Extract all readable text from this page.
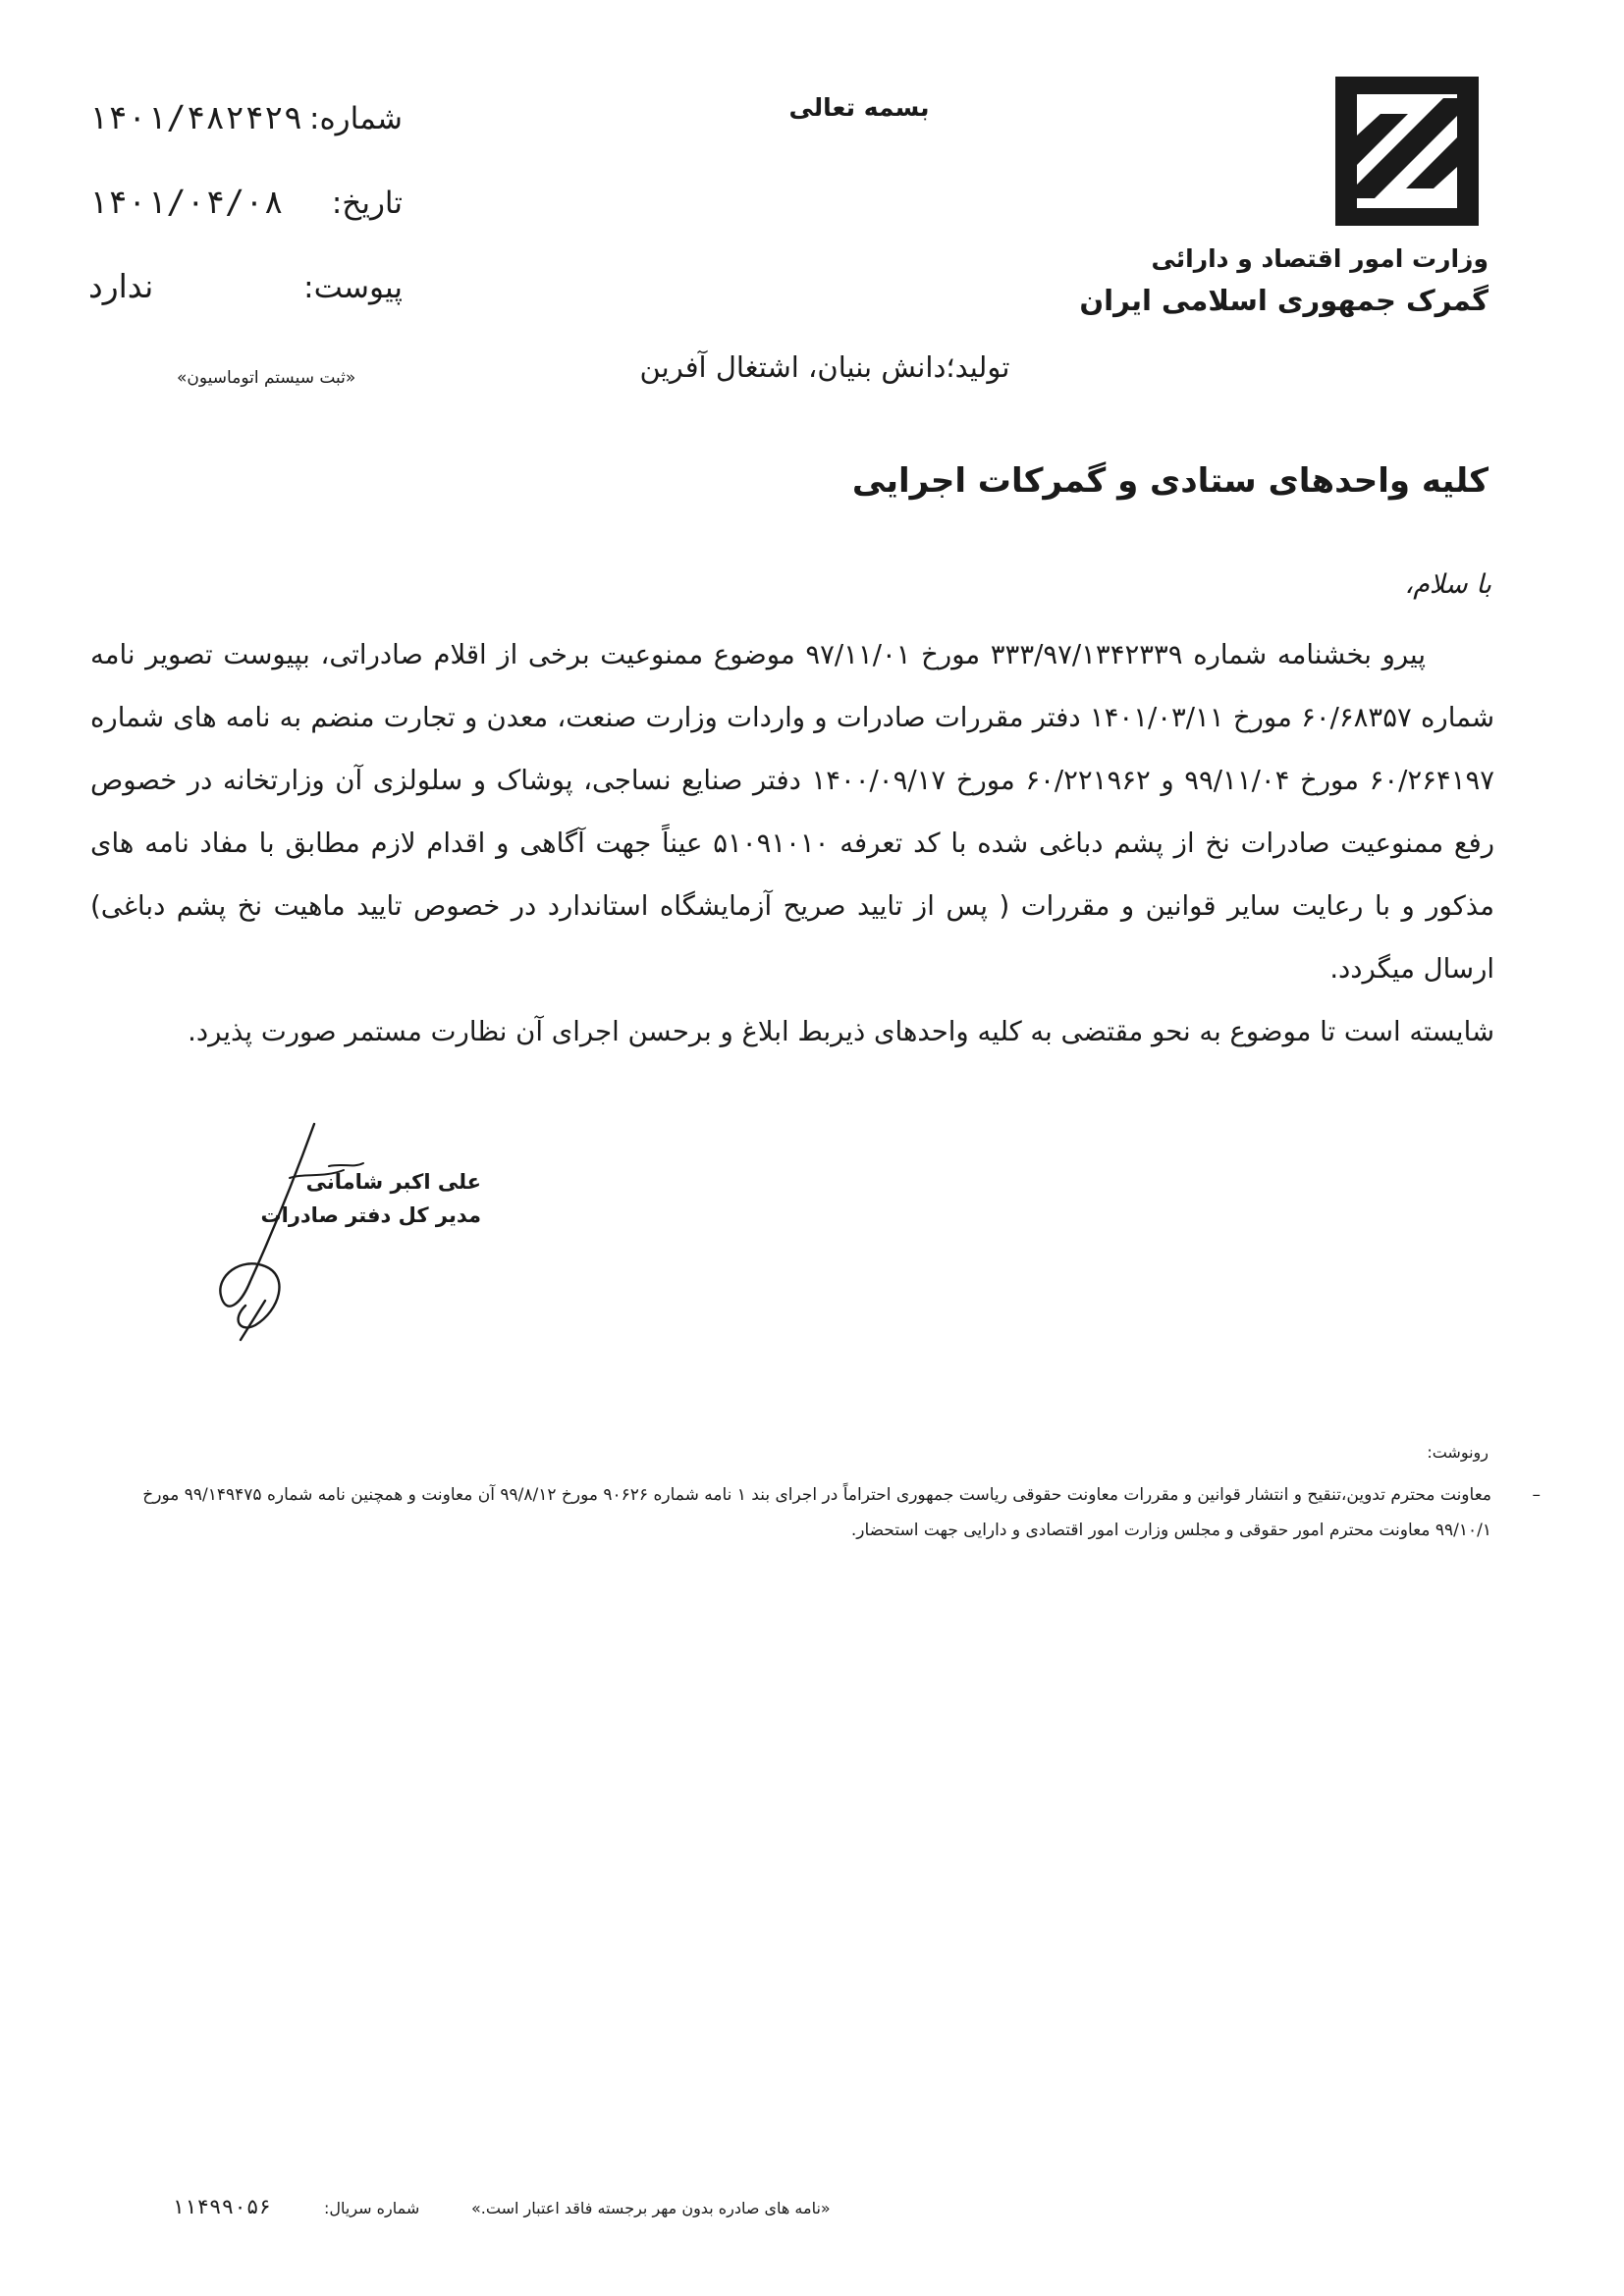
وزارت امور اقتصاد و دارائی
گمرک جمهوری اسلامی ایران
بسمه تعالی
تولید؛دانش بنیان، اشتغال آفرین
شماره:
۱۴۰۱/۴۸۲۴۲۹
تاریخ:
۱۴۰۱/۰۴/۰۸
پیوست:
ندارد
«ثبت سیستم اتوماسیون»
کلیه واحدهای ستادی و گمرکات اجرایی
با سلام،

پیرو بخشنامه شماره ۳۳۳/۹۷/۱۳۴۲۳۳۹ مورخ ۹۷/۱۱/۰۱ موضوع ممنوعیت برخی از اقلام صادراتی، بپیوست تصویر نامه شماره ۶۰/۶۸۳۵۷ مورخ ۱۴۰۱/۰۳/۱۱ دفتر مقررات صادرات و واردات وزارت صنعت، معدن و تجارت منضم به نامه های شماره ۶۰/۲۶۴۱۹۷ مورخ ۹۹/۱۱/۰۴ و ۶۰/۲۲۱۹۶۲ مورخ ۱۴۰۰/۰۹/۱۷ دفتر صنایع نساجی، پوشاک و سلولزی آن وزارتخانه در خصوص رفع ممنوعیت صادرات نخ از پشم دباغی شده با کد تعرفه ۵۱۰۹۱۰۱۰ عیناً جهت آگاهی و اقدام لازم مطابق با مفاد نامه های مذکور و با رعایت سایر قوانین و مقررات ( پس از تایید صریح آزمایشگاه استاندارد در خصوص تایید ماهیت نخ پشم دباغی) ارسال میگردد.

شایسته است تا موضوع به نحو مقتضی به کلیه واحدهای ذیربط ابلاغ و برحسن اجرای آن نظارت مستمر صورت پذیرد.

علی اکبر شامانی
مدیر کل دفتر صادرات
رونوشت:
–
معاونت محترم تدوین،تنقیح و انتشار قوانین و مقررات معاونت حقوقی ریاست جمهوری احتراماً در اجرای بند ۱ نامه شماره ۹۰۶۲۶ مورخ ۹۹/۸/۱۲ آن معاونت و همچنین نامه شماره ۹۹/۱۴۹۴۷۵ مورخ ۹۹/۱۰/۱ معاونت محترم امور حقوقی و مجلس وزارت امور اقتصادی و دارایی جهت استحضار.
«نامه های صادره بدون مهر برجسته فاقد اعتبار است.»
شماره سریال:
۱۱۴۹۹۰۵۶
